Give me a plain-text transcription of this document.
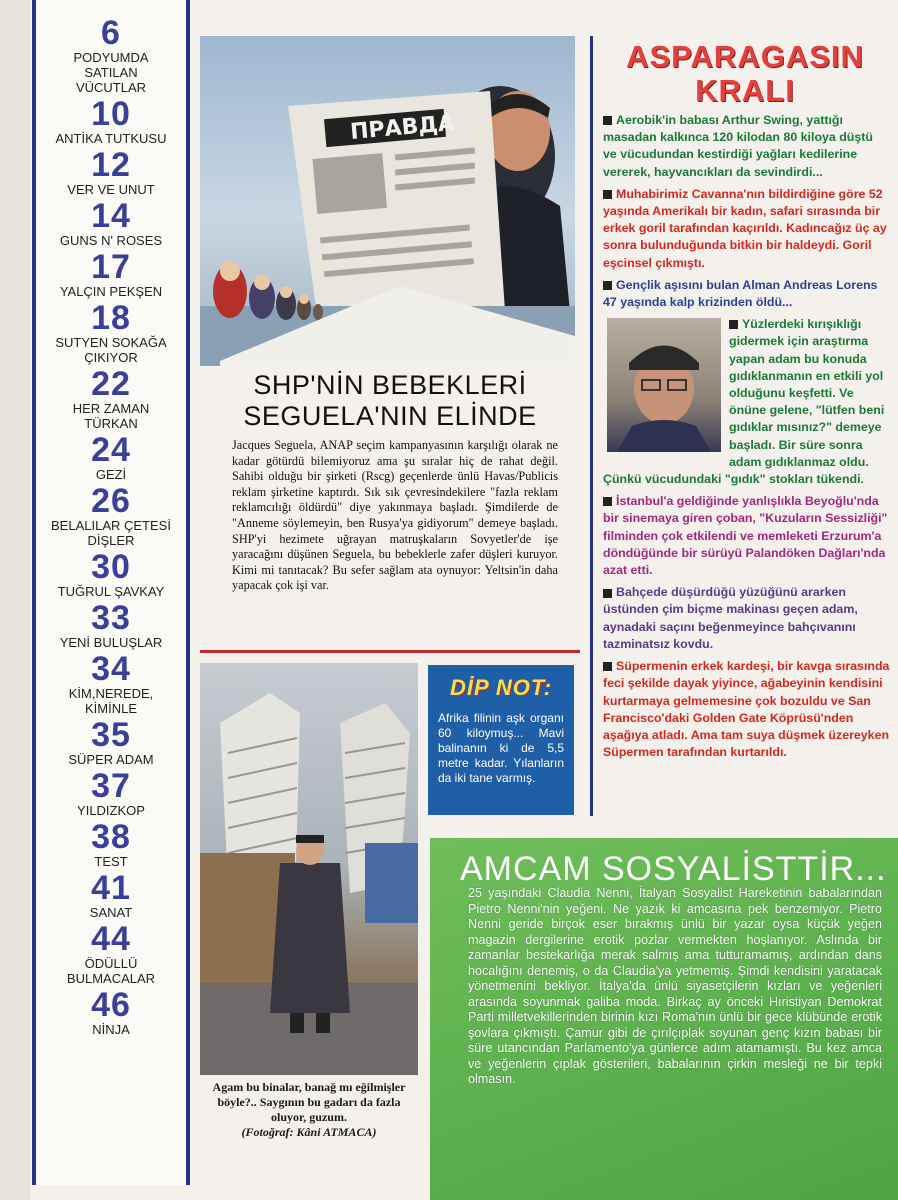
6
PODYUMDA SATILAN VÜCUTLAR
10
ANTİKA TUTKUSU
12
VER VE UNUT
14
GUNS N' ROSES
17
YALÇIN PEKŞEN
18
SUTYEN SOKAĞA ÇIKIYOR
22
HER ZAMAN TÜRKAN
24
GEZİ
26
BELALILAR ÇETESİ DİŞLER
30
TUĞRUL ŞAVKAY
33
YENİ BULUŞLAR
34
KİM,NEREDE, KİMİNLE
35
SÜPER ADAM
37
YILDIZKOP
38
TEST
41
SANAT
44
ÖDÜLLÜ BULMACALAR
46
NİNJA
ПРАВДА
SHP'NİN BEBEKLERİ
SEGUELA'NIN ELİNDE
Jacques Seguela, ANAP seçim kampanyasının karşılığı olarak ne kadar götürdü bilemiyoruz ama şu sıralar hiç de rahat değil. Sahibi olduğu bir şirketi (Rscg) geçenlerde ünlü Havas/Publicis reklam şirketine kaptırdı. Sık sık çevresindekilere "fazla reklam reklamcılığı öldürdü" diye yakınmaya başladı. Şimdilerde de "Anneme söylemeyin, ben Rusya'ya gidiyorum" demeye başladı. SHP'yi hezimete uğrayan matruşkaların Sovyetler'de işe yaracağını düşünen Seguela, bu bebeklerle zafer düşleri kuruyor. Kimi mi tanıtacak? Bu sefer sağlam ata oynuyor: Yeltsin'in daha yapacak çok işi var.
Agam bu binalar, banağ mı eğilmişler böyle?.. Saygının bu gadarı da fazla oluyor, guzum.
(Fotoğraf: Kâni ATMACA)
DİP NOT:
Afrika filinin aşk organı 60 kiloymuş... Mavi balinanın ki de 5,5 metre kadar. Yılanların da iki tane varmış.
ASPARAGASIN
KRALI

Aerobik'in babası Arthur Swing, yattığı masadan kalkınca 120 kilodan 80 kiloya düştü ve vücudundan kestirdiği yağları kedilerine vererek, hayvancıkları da sevindirdi...

Muhabirimiz Cavanna'nın bildirdiğine göre 52 yaşında Amerikalı bir kadın, safari sırasında bir erkek goril tarafından kaçırıldı. Kadıncağız üç ay sonra bulunduğunda bitkin bir haldeydi. Goril eşcinsel çıkmıştı.

Gençlik aşısını bulan Alman Andreas Lorens 47 yaşında kalp krizinden öldü...

Yüzlerdeki kırışıklığı gidermek için araştırma yapan adam bu konuda gıdıklanmanın en etkili yol olduğunu keşfetti. Ve önüne gelene, "lütfen beni gıdıklar mısınız?" demeye başladı. Bir süre sonra adam gıdıklanmaz oldu. Çünkü vücudundaki "gıdık" stokları tükendi.

İstanbul'a geldiğinde yanlışlıkla Beyoğlu'nda bir sinemaya giren çoban, "Kuzuların Sessizliği" filminden çok etkilendi ve memleketi Erzurum'a döndüğünde bir sürüyü Palandöken Dağları'nda azat etti.

Bahçede düşürdüğü yüzüğünü ararken üstünden çim biçme makinası geçen adam, aynadaki saçını beğenmeyince bahçıvanını tazminatsız kovdu.

Süpermenin erkek kardeşi, bir kavga sırasında feci şekilde dayak yiyince, ağabeyinin kendisini kurtarmaya gelmemesine çok bozuldu ve San Francisco'daki Golden Gate Köprüsü'nden aşağıya atladı. Ama tam suya düşmek üzereyken Süpermen tarafından kurtarıldı.

AMCAM SOSYALİSTTİR...
25 yaşındaki Claudia Nenni, İtalyan Sosyalist Hareketinin babalarından Pietro Nenni'nin yeğeni. Ne yazık ki amcasına pek benzemiyor. Pietro Nenni geride birçok eser bırakmış ünlü bir yazar oysa küçük yeğen magazin dergilerine erotik pozlar vermekten hoşlanıyor. Aslında bir zamanlar bestekarlığa merak salmış ama tutturamamış, ardından dans hocalığını denemiş, o da Claudia'ya yetmemiş. Şimdi kendisini yaratacak yönetmenini bekliyor. İtalya'da ünlü siyasetçilerin kızları ve yeğenleri arasında soyunmak galiba moda. Birkaç ay önceki Hıristiyan Demokrat Parti milletvekillerinden birinin kızı Roma'nın ünlü bir gece klübünde erotik şovlara çıkmıştı. Çamur gibi de çırılçıplak soyunan genç kızın babası bir süre utancından Parlamento'ya günlerce adım atamamıştı. Bu kez amca ve yeğenlerin çıplak gösterileri, babalarının çirkin mesleği ne bir tepki olmasın.
